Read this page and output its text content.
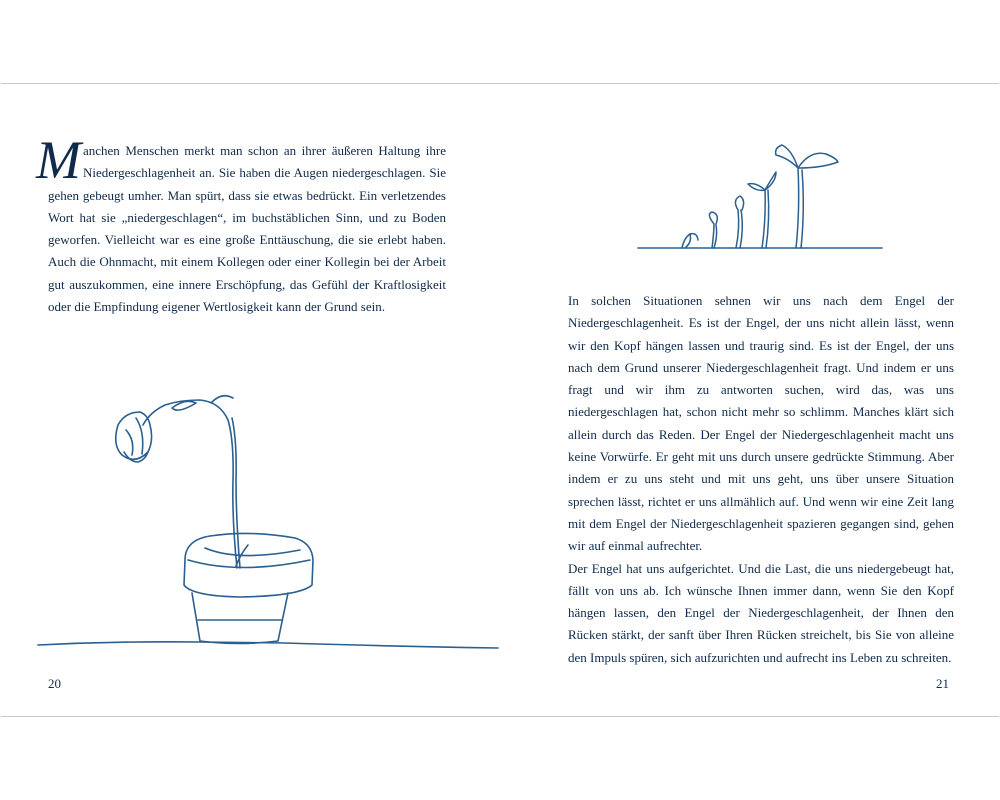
M anchen Menschen merkt man schon an ihrer äußeren Haltung ihre Niedergeschlagenheit an. Sie haben die Augen niedergeschlagen. Sie gehen gebeugt umher. Man spürt, dass sie etwas bedrückt. Ein verletzendes Wort hat sie „niedergeschlagen“, im buchstäblichen Sinn, und zu Boden geworfen. Vielleicht war es eine große Enttäuschung, die sie erlebt haben. Auch die Ohnmacht, mit einem Kollegen oder einer Kollegin bei der Arbeit gut auszukommen, eine innere Erschöpfung, das Gefühl der Kraftlosigkeit oder die Empfindung eigener Wertlosigkeit kann der Grund sein.	In solchen Situationen sehnen wir uns nach dem Engel der Niedergeschlagenheit. Es ist der Engel, der uns nicht allein lässt, wenn wir den Kopf hängen lassen und traurig sind. Es ist der Engel, der uns nach dem Grund unserer Niedergeschlagenheit fragt. Und indem er uns fragt und wir ihm zu antworten suchen, wird das, was uns niedergeschlagen hat, schon nicht mehr so schlimm. Manches klärt sich allein durch das Reden. Der Engel der Niedergeschlagenheit macht uns keine Vorwürfe. Er geht mit uns durch unsere gedrückte Stimmung. Aber indem er zu uns steht und mit uns geht, uns über unsere Situation sprechen lässt, richtet er uns allmählich auf. Und wenn wir eine Zeit lang mit dem Engel der Niedergeschlagenheit spazieren gegangen sind, gehen wir auf einmal aufrechter.

Der Engel hat uns aufgerichtet. Und die Last, die uns niedergebeugt hat, fällt von uns ab. Ich wünsche Ihnen immer dann, wenn Sie den Kopf hängen lassen, den Engel der Niedergeschlagenheit, der Ihnen den Rücken stärkt, der sanft über Ihren Rücken streichelt, bis Sie von alleine den Impuls spüren, sich aufzurichten und aufrecht ins Leben zu schreiten.

20	21
